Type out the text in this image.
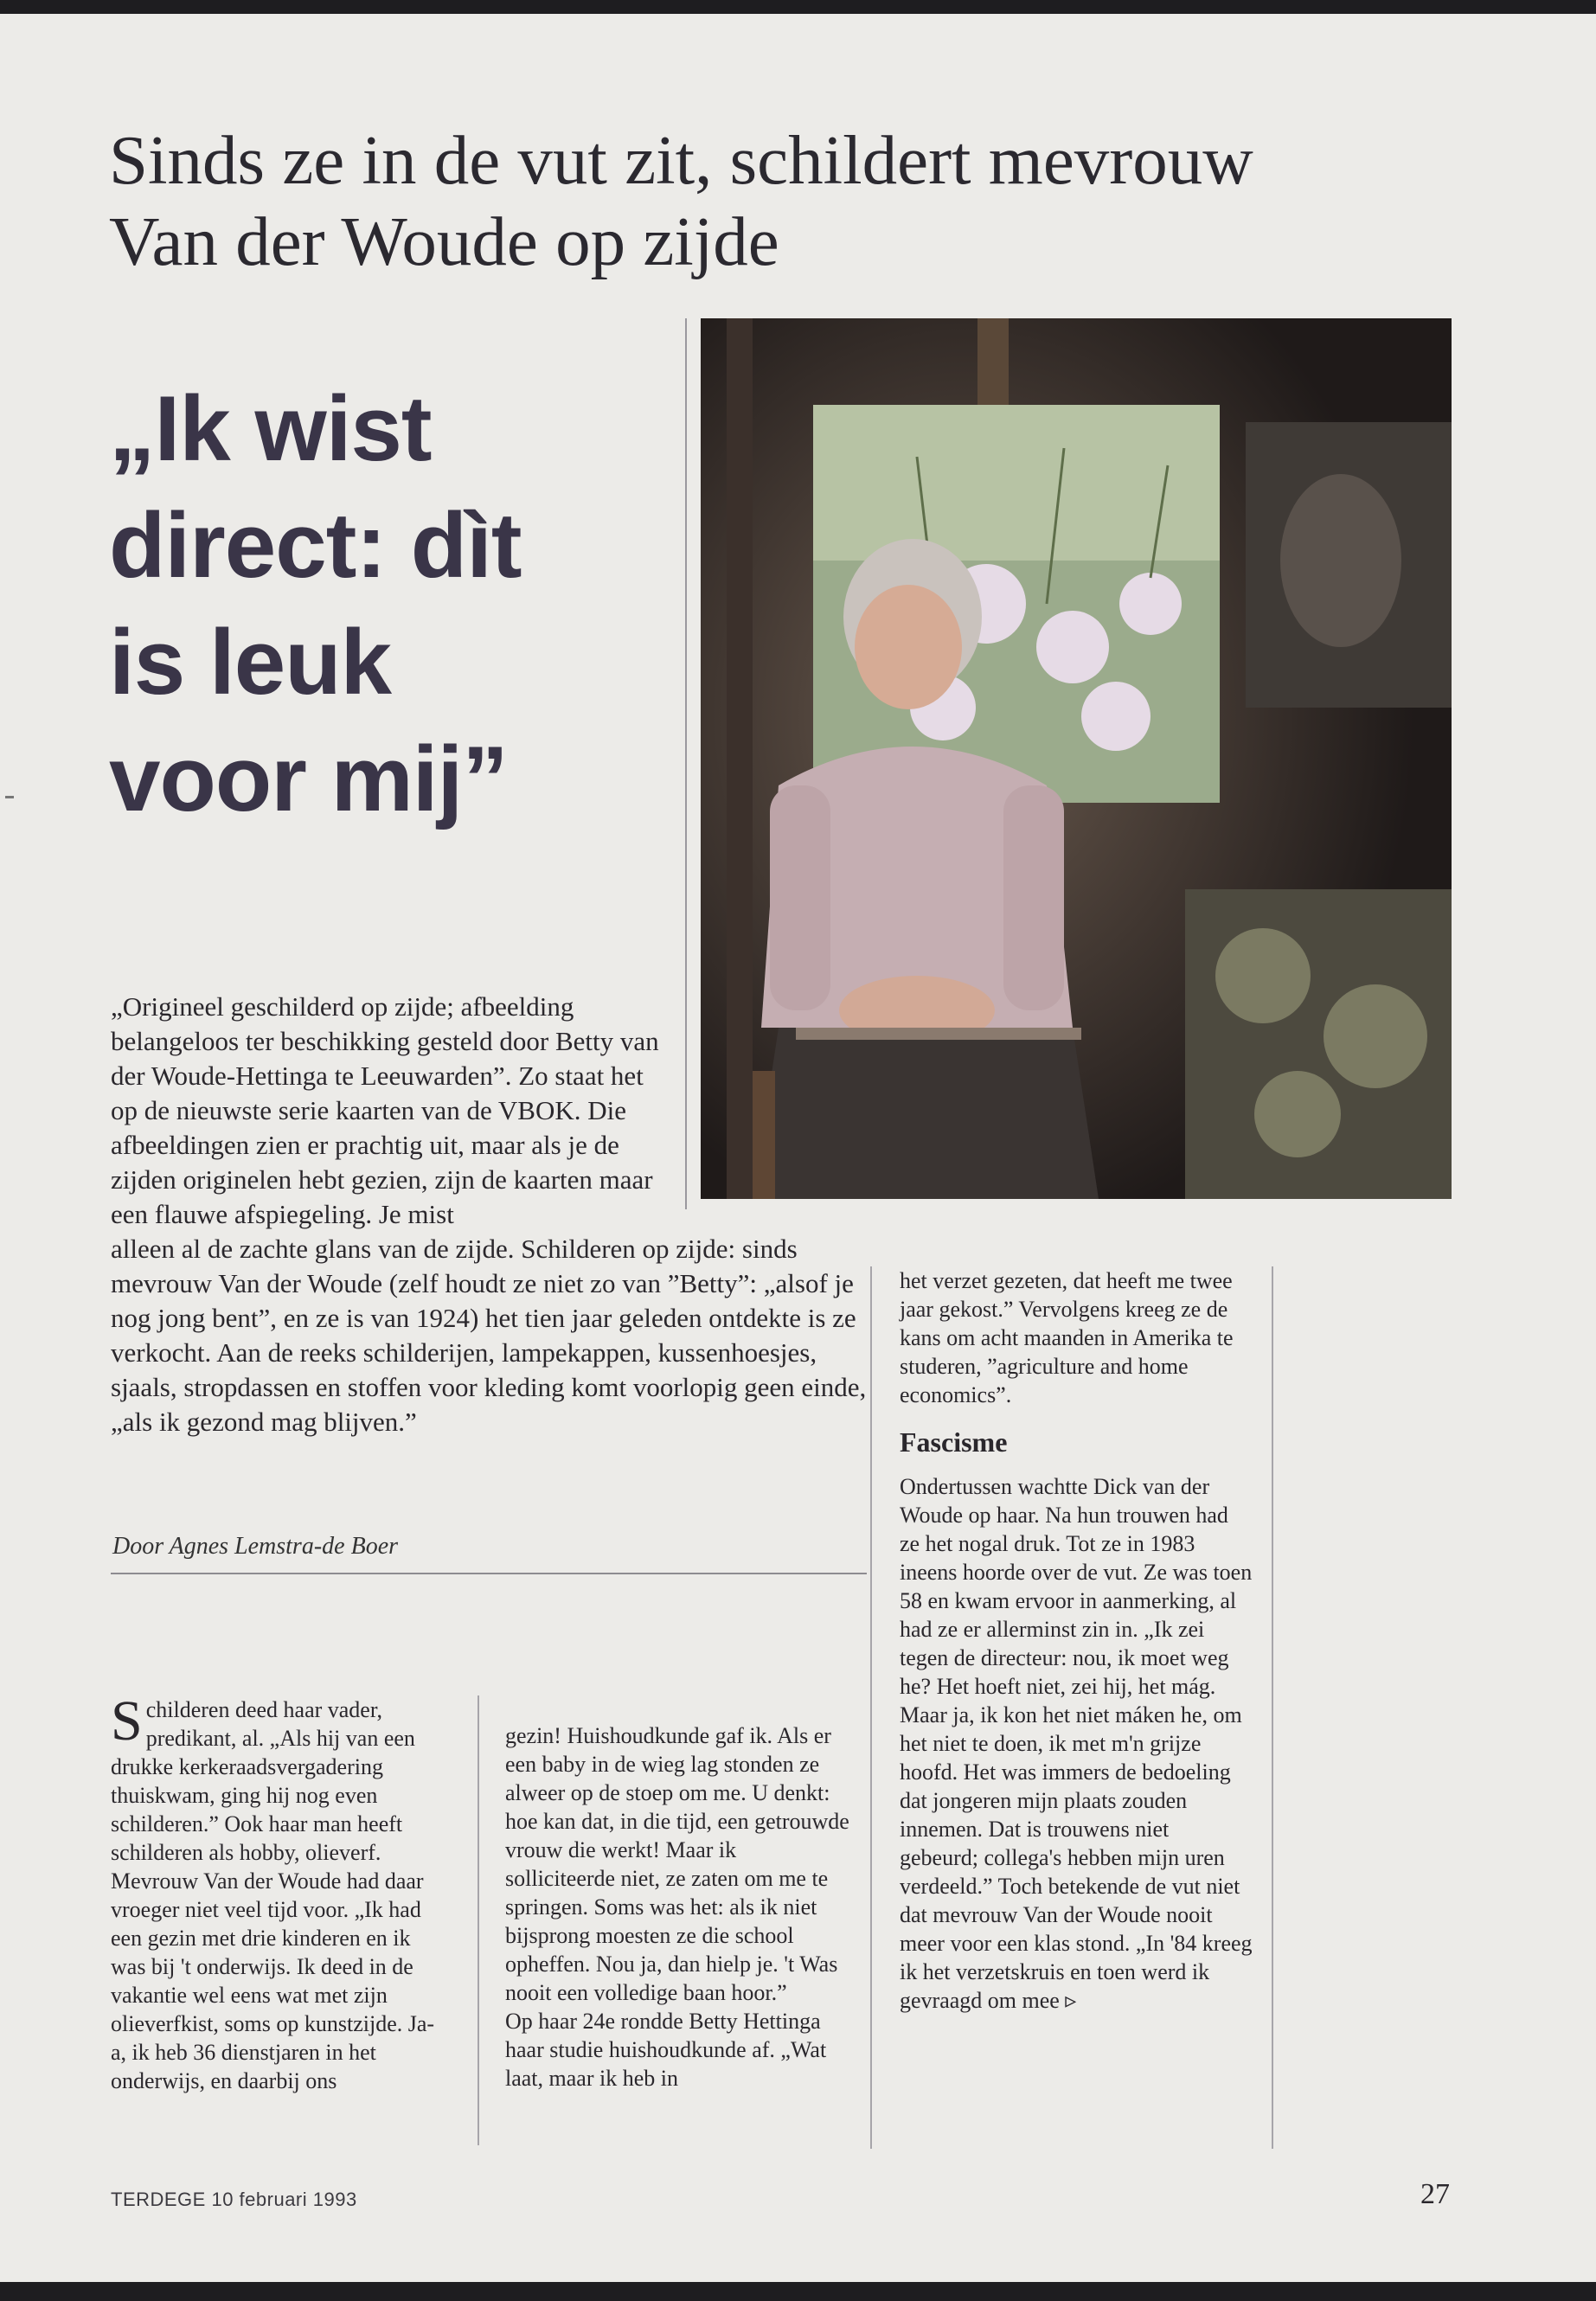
Sinds ze in de vut zit, schildert mevrouw
Van der Woude op zijde
„Ik wist
direct: dìt
is leuk
voor mij”
„Origineel geschilderd op zijde; afbeelding belangeloos ter beschikking gesteld door Betty van der Woude-Hettinga te Leeuwarden”. Zo staat het op de nieuwste serie kaarten van de VBOK. Die afbeeldingen zien er prachtig uit, maar als je de zijden originelen hebt gezien, zijn de kaarten maar een flauwe afspiegeling. Je mist
alleen al de zachte glans van de zijde. Schilderen op zijde: sinds mevrouw Van der Woude (zelf houdt ze niet zo van ”Betty”: „alsof je nog jong bent”, en ze is van 1924) het tien jaar geleden ontdekte is ze verkocht. Aan de reeks schilderijen, lampekappen, kussenhoesjes, sjaals, stropdassen en stoffen voor kleding komt voorlopig geen einde, „als ik gezond mag blijven.”
Door Agnes Lemstra-de Boer
S childeren deed haar vader, predikant, al. „Als hij van een drukke kerkeraadsvergadering thuiskwam, ging hij nog even schilderen.” Ook haar man heeft schilderen als hobby, olieverf. Mevrouw Van der Woude had daar vroeger niet veel tijd voor. „Ik had een gezin met drie kinderen en ik was bij 't onderwijs. Ik deed in de vakantie wel eens wat met zijn olieverfkist, soms op kunstzijde. Ja-a, ik heb 36 dienstjaren in het onderwijs, en daarbij ons

gezin! Huishoudkunde gaf ik. Als er een baby in de wieg lag stonden ze alweer op de stoep om me. U denkt: hoe kan dat, in die tijd, een getrouwde vrouw die werkt! Maar ik solliciteerde niet, ze zaten om me te springen. Soms was het: als ik niet bijsprong moesten ze die school opheffen. Nou ja, dan hielp je. 't Was nooit een volledige baan hoor.”

Op haar 24e rondde Betty Hettinga haar studie huishoudkunde af. „Wat laat, maar ik heb in

het verzet gezeten, dat heeft me twee jaar gekost.” Vervolgens kreeg ze de kans om acht maanden in Amerika te studeren, ”agriculture and home economics”.

Fascisme

Ondertussen wachtte Dick van der Woude op haar. Na hun trouwen had ze het nogal druk. Tot ze in 1983 ineens hoorde over de vut. Ze was toen 58 en kwam ervoor in aanmerking, al had ze er allerminst zin in. „Ik zei tegen de directeur: nou, ik moet weg he? Het hoeft niet, zei hij, het mág. Maar ja, ik kon het niet máken he, om het niet te doen, ik met m'n grijze hoofd. Het was immers de bedoeling dat jongeren mijn plaats zouden innemen. Dat is trouwens niet gebeurd; collega's hebben mijn uren verdeeld.” Toch betekende de vut niet dat mevrouw Van der Woude nooit meer voor een klas stond. „In '84 kreeg ik het verzetskruis en toen werd ik gevraagd om mee ▹

TERDEGE 10 februari 1993	27
